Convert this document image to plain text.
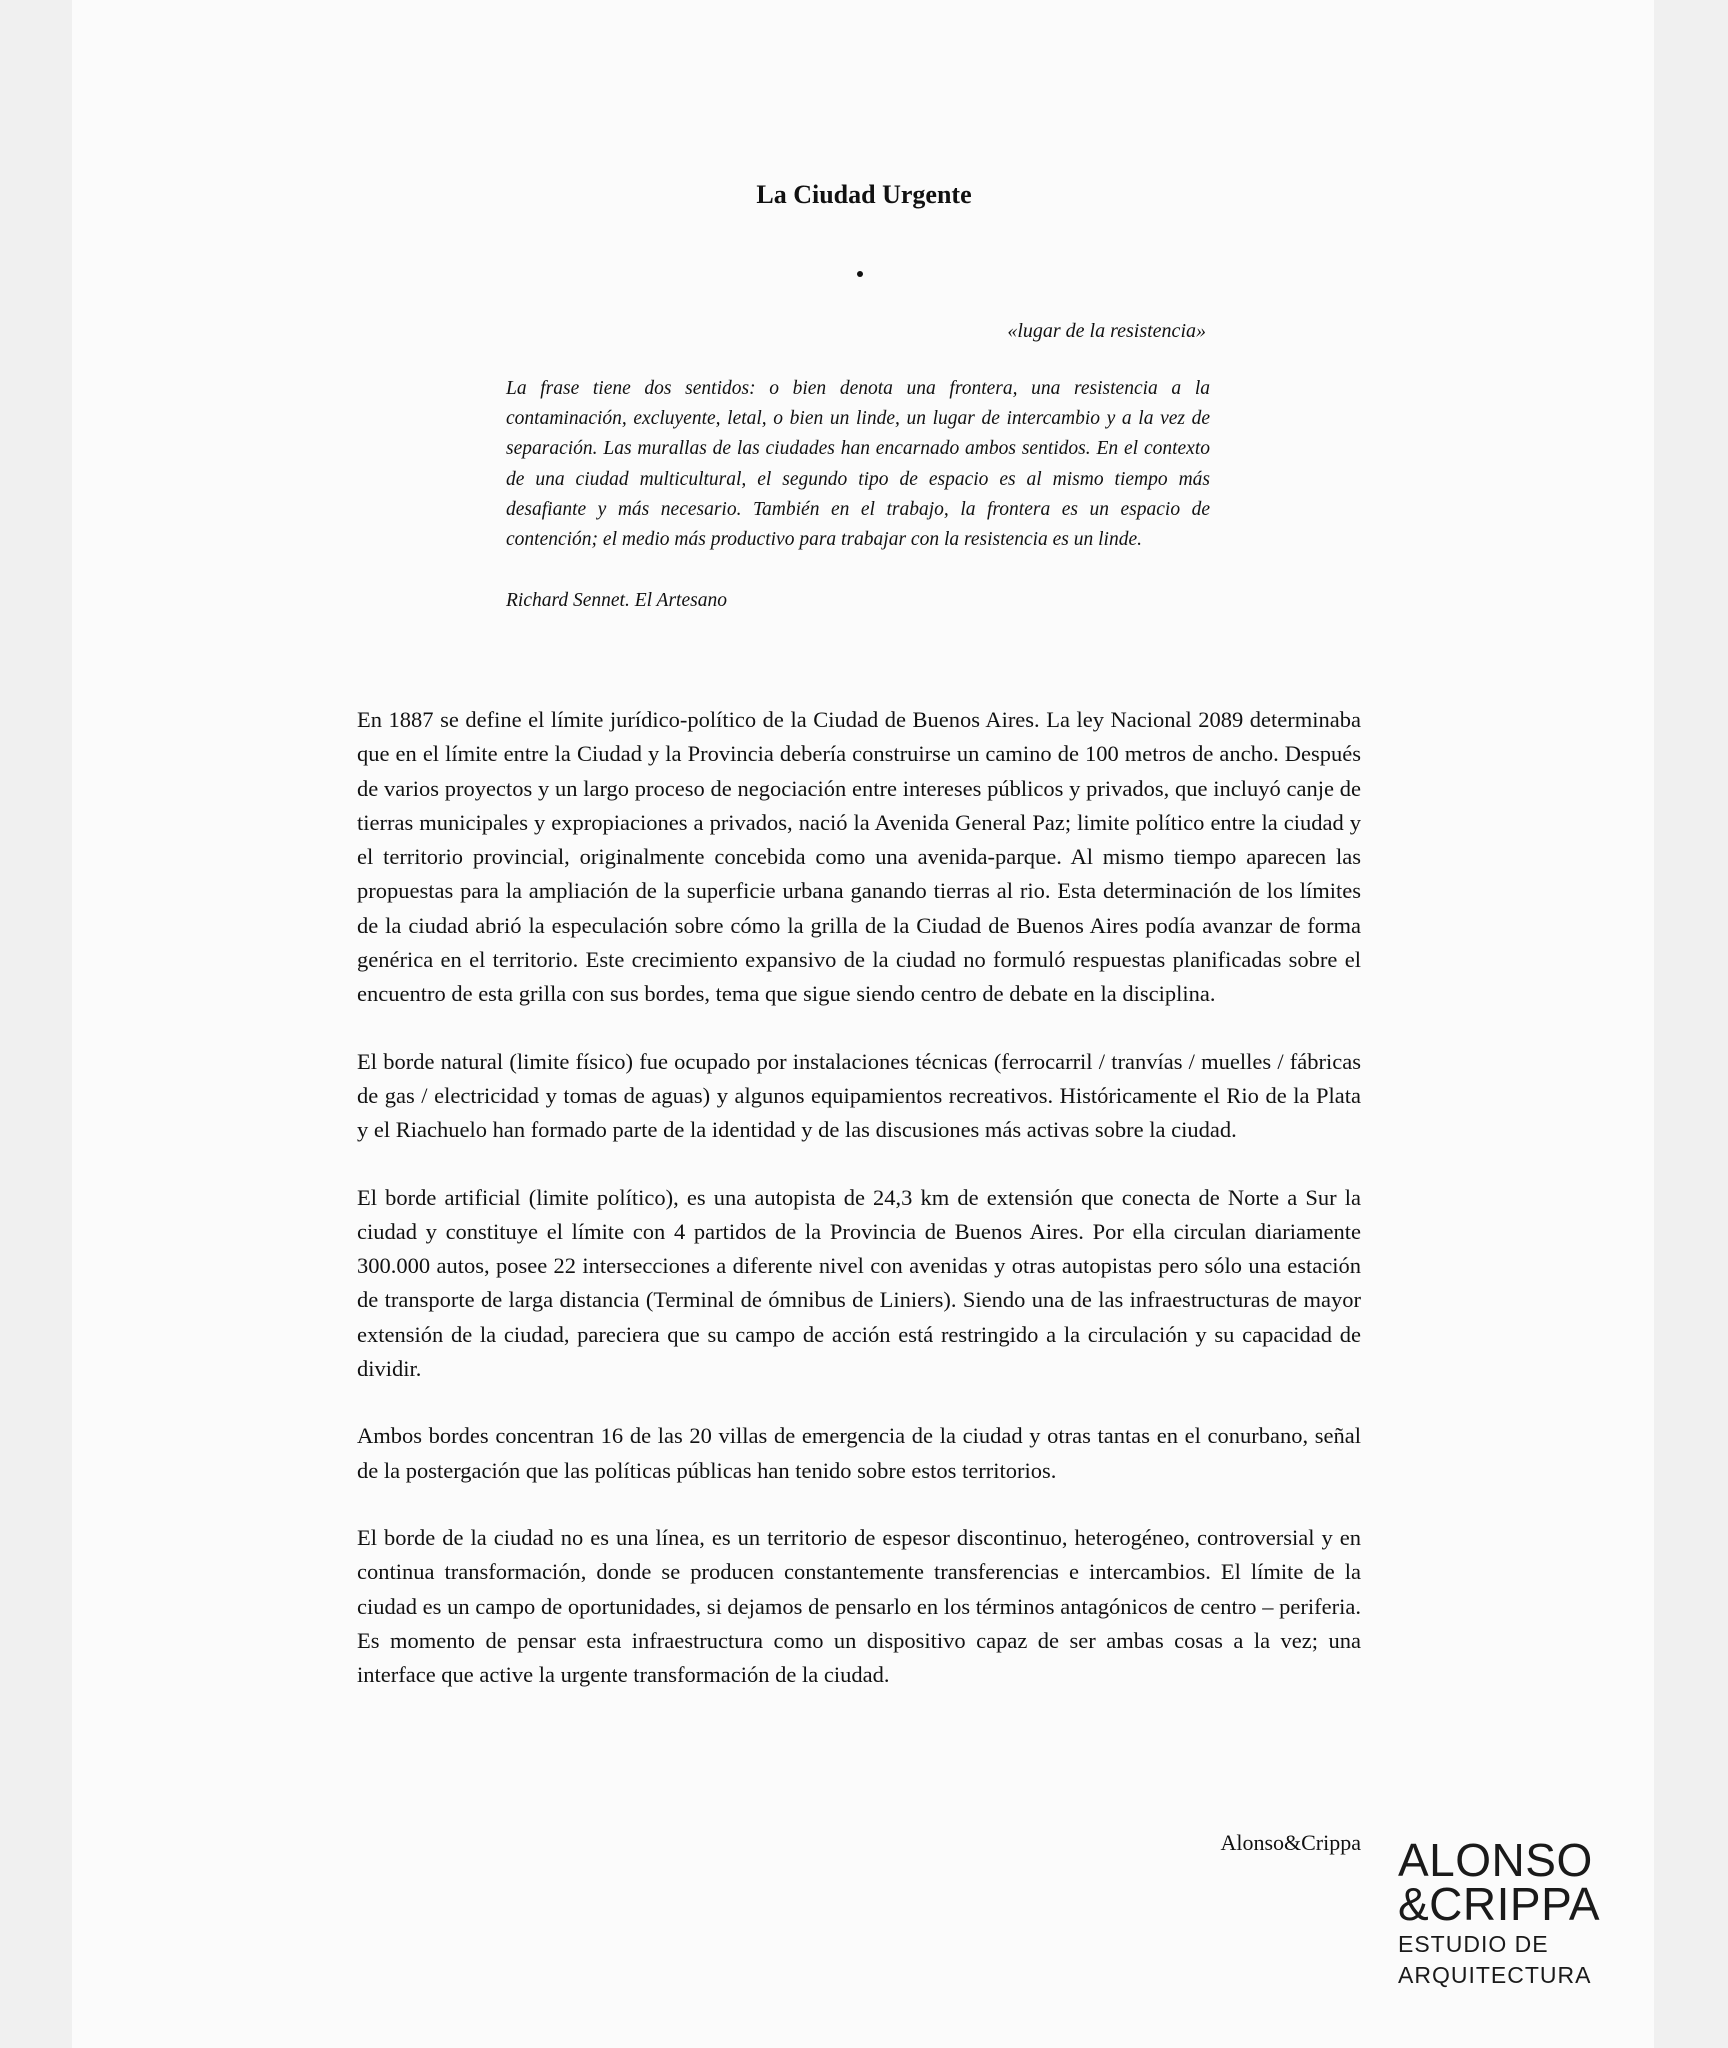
La Ciudad Urgente
«lugar de la resistencia»

La frase tiene dos sentidos: o bien denota una frontera, una resistencia a la contaminación, excluyente, letal, o bien un linde, un lugar de intercambio y a la vez de separación. Las murallas de las ciudades han encarnado ambos sentidos. En el contexto de una ciudad multicultural, el segundo tipo de espacio es al mismo tiempo más desafiante y más necesario. También en el trabajo, la frontera es un espacio de contención; el medio más productivo para trabajar con la resistencia es un linde.

Richard Sennet. El Artesano

En 1887 se define el límite jurídico-político de la Ciudad de Buenos Aires. La ley Nacional 2089 determinaba que en el límite entre la Ciudad y la Provincia debería construirse un camino de 100 metros de ancho. Después de varios proyectos y un largo proceso de negociación entre intereses públicos y privados, que incluyó canje de tierras municipales y expropiaciones a privados, nació la Avenida General Paz; limite político entre la ciudad y el territorio provincial, originalmente concebida como una avenida-parque. Al mismo tiempo aparecen las propuestas para la ampliación de la superficie urbana ganando tierras al rio. Esta determinación de los límites de la ciudad abrió la especulación sobre cómo la grilla de la Ciudad de Buenos Aires podía avanzar de forma genérica en el territorio. Este crecimiento expansivo de la ciudad no formuló respuestas planificadas sobre el encuentro de esta grilla con sus bordes, tema que sigue siendo centro de debate en la disciplina.

El borde natural (limite físico) fue ocupado por instalaciones técnicas (ferrocarril / tranvías / muelles / fábricas de gas / electricidad y tomas de aguas) y algunos equipamientos recreativos. Históricamente el Rio de la Plata y el Riachuelo han formado parte de la identidad y de las discusiones más activas sobre la ciudad.

El borde artificial (limite político), es una autopista de 24,3 km de extensión que conecta de Norte a Sur la ciudad y constituye el límite con 4 partidos de la Provincia de Buenos Aires. Por ella circulan diariamente 300.000 autos, posee 22 intersecciones a diferente nivel con avenidas y otras autopistas pero sólo una estación de transporte de larga distancia (Terminal de ómnibus de Liniers). Siendo una de las infraestructuras de mayor extensión de la ciudad, pareciera que su campo de acción está restringido a la circulación y su capacidad de dividir.

Ambos bordes concentran 16 de las 20 villas de emergencia de la ciudad y otras tantas en el conurbano, señal de la postergación que las políticas públicas han tenido sobre estos territorios.

El borde de la ciudad no es una línea, es un territorio de espesor discontinuo, heterogéneo, controversial y en continua transformación, donde se producen constantemente transferencias e intercambios. El límite de la ciudad es un campo de oportunidades, si dejamos de pensarlo en los términos antagónicos de centro – periferia. Es momento de pensar esta infraestructura como un dispositivo capaz de ser ambas cosas a la vez; una interface que active la urgente transformación de la ciudad.

Alonso&Crippa ALONSO
&CRIPPA
ESTUDIO DE
ARQUITECTURA
